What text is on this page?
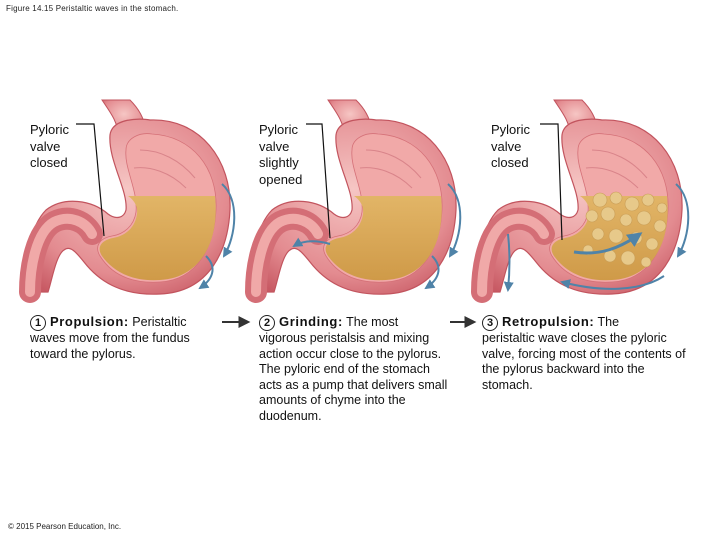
Figure 14.15 Peristaltic waves in the stomach.
Pyloric
valve
closed
Pyloric
valve
slightly
opened
Pyloric
valve
closed
1 Propulsion: Peristaltic
waves move from the fundus toward the pylorus.
2 Grinding: The most
vigorous peristalsis and mixing action occur close to the pylorus. The pyloric end of the stomach acts as a pump that delivers small amounts of chyme into the duodenum.
3 Retropulsion: The
peristaltic wave closes the pyloric valve, forcing most of the contents of the pylorus backward into the stomach.
© 2015 Pearson Education, Inc.
